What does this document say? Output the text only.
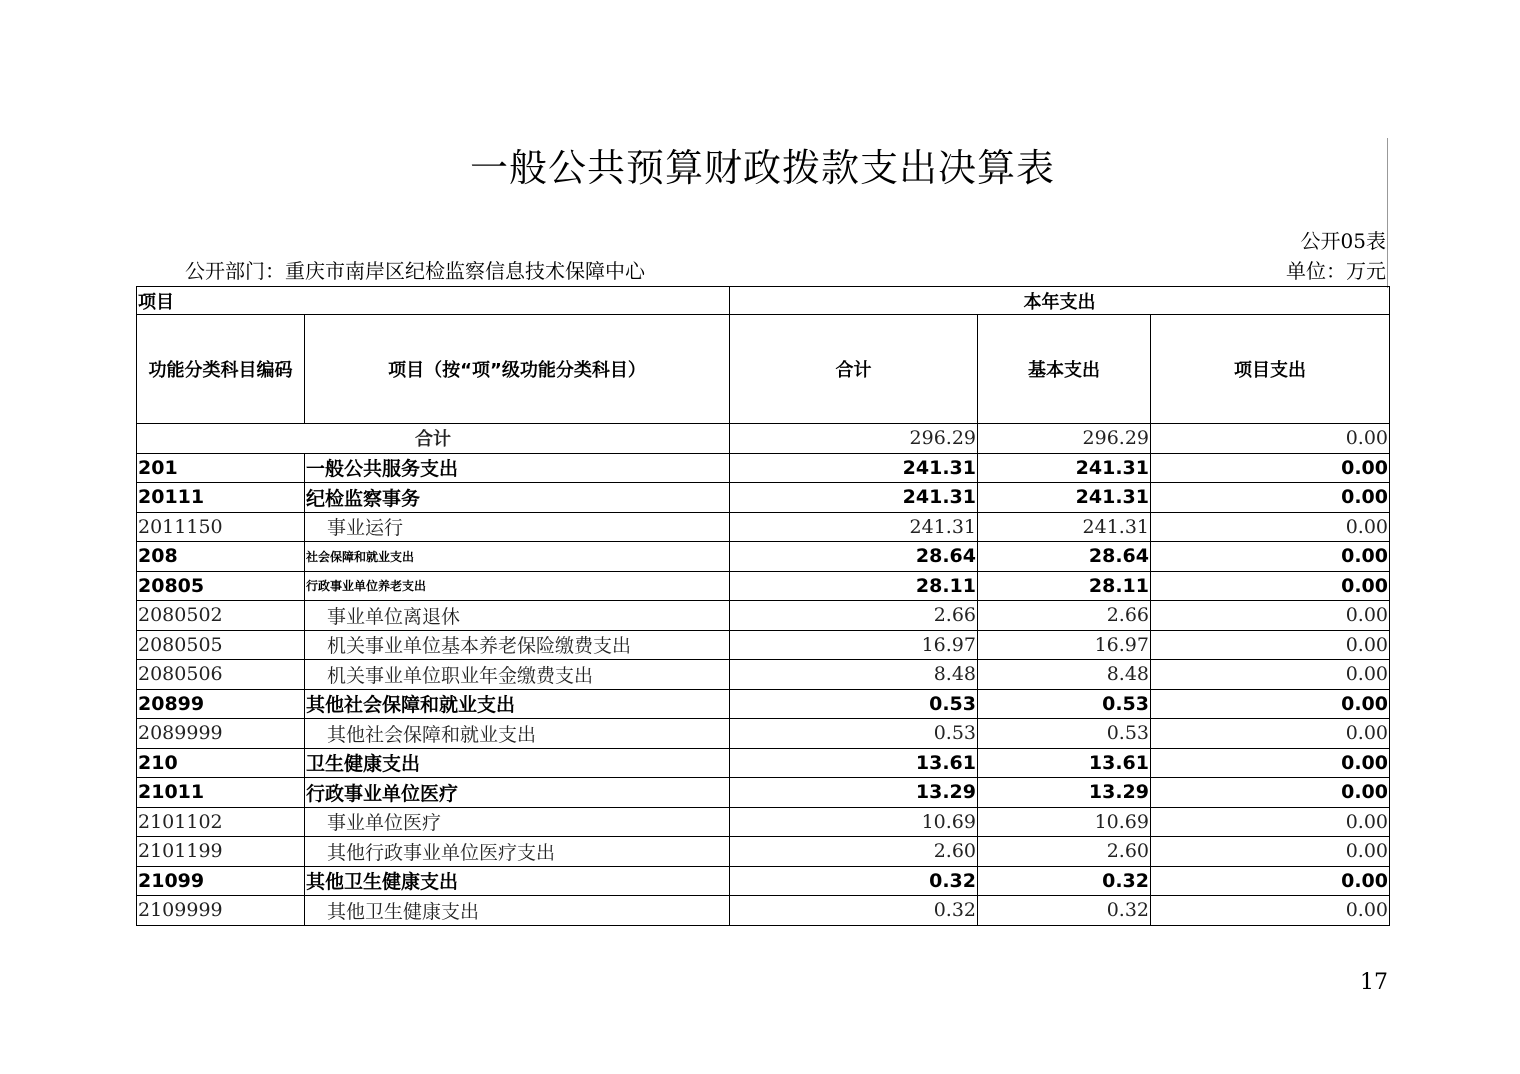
一般公共预算财政拨款支出决算表
公开05表
公开部门：重庆市南岸区纪检监察信息技术保障中心	单位：万元
项目		本年支出		
功能分类科目编码	项目（按“项”级功能分类科目）	合计	基本支出	项目支出
合计		296.29	296.29	0.00
201	一般公共服务支出	241.31	241.31	0.00
20111	纪检监察事务	241.31	241.31	0.00
2011150	事业运行	241.31	241.31	0.00
208	社会保障和就业支出	28.64	28.64	0.00
20805	行政事业单位养老支出	28.11	28.11	0.00
2080502	事业单位离退休	2.66	2.66	0.00
2080505	机关事业单位基本养老保险缴费支出	16.97	16.97	0.00
2080506	机关事业单位职业年金缴费支出	8.48	8.48	0.00
20899	其他社会保障和就业支出	0.53	0.53	0.00
2089999	其他社会保障和就业支出	0.53	0.53	0.00
210	卫生健康支出	13.61	13.61	0.00
21011	行政事业单位医疗	13.29	13.29	0.00
2101102	事业单位医疗	10.69	10.69	0.00
2101199	其他行政事业单位医疗支出	2.60	2.60	0.00
21099	其他卫生健康支出	0.32	0.32	0.00
2109999	其他卫生健康支出	0.32	0.32	0.00
17
